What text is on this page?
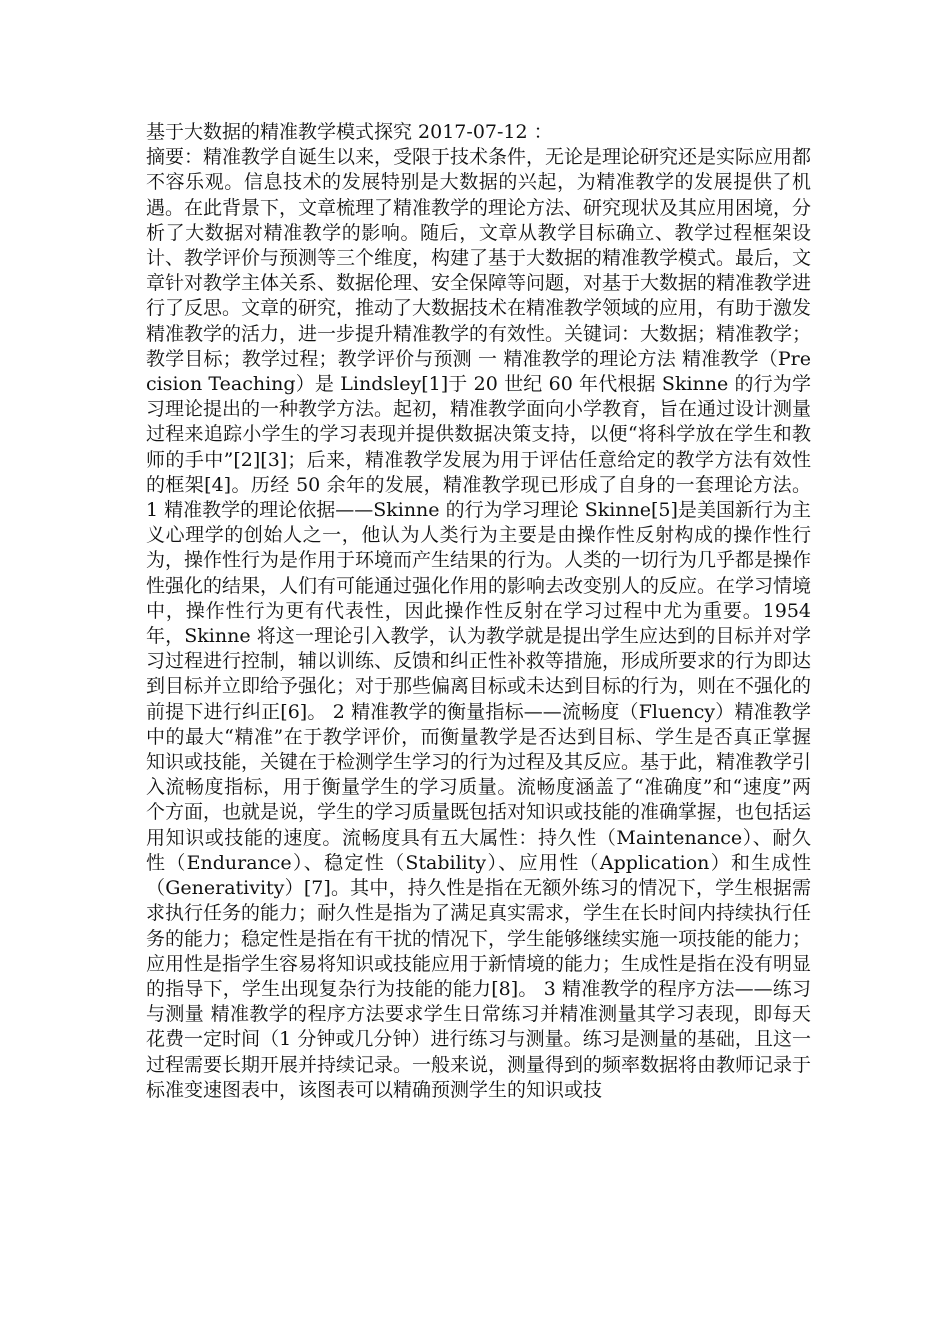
基于大数据的精准教学模式探究 2017-07-12 ：

摘要：精准教学自诞生以来，受限于技术条件，无论是理论研究还是实际应用都不容乐观。信息技术的发展特别是大数据的兴起，为精准教学的发展提供了机遇。在此背景下，文章梳理了精准教学的理论方法、研究现状及其应用困境，分析了大数据对精准教学的影响。随后，文章从教学目标确立、教学过程框架设计、教学评价与预测等三个维度，构建了基于大数据的精准教学模式。最后，文章针对教学主体关系、数据伦理、安全保障等问题，对基于大数据的精准教学进行了反思。文章的研究，推动了大数据技术在精准教学领域的应用，有助于激发精准教学的活力，进一步提升精准教学的有效性。关键词：大数据；精准教学；教学目标；教学过程；教学评价与预测 一 精准教学的理论方法 精准教学（Precision Teaching）是 Lindsley[1]于 20 世纪 60 年代根据 Skinne 的行为学习理论提出的一种教学方法。起初，精准教学面向小学教育，旨在通过设计测量过程来追踪小学生的学习表现并提供数据决策支持，以便“将科学放在学生和教师的手中”[2][3]；后来，精准教学发展为用于评估任意给定的教学方法有效性的框架[4]。历经 50 余年的发展，精准教学现已形成了自身的一套理论方法。 1 精准教学的理论依据——Skinne 的行为学习理论 Skinne[5]是美国新行为主义心理学的创始人之一，他认为人类行为主要是由操作性反射构成的操作性行为，操作性行为是作用于环境而产生结果的行为。人类的一切行为几乎都是操作性强化的结果，人们有可能通过强化作用的影响去改变别人的反应。在学习情境中，操作性行为更有代表性，因此操作性反射在学习过程中尤为重要。1954 年，Skinne 将这一理论引入教学，认为教学就是提出学生应达到的目标并对学习过程进行控制，辅以训练、反馈和纠正性补救等措施，形成所要求的行为即达到目标并立即给予强化；对于那些偏离目标或未达到目标的行为，则在不强化的前提下进行纠正[6]。 2 精准教学的衡量指标——流畅度（Fluency）精准教学中的最大“精准”在于教学评价，而衡量教学是否达到目标、学生是否真正掌握知识或技能，关键在于检测学生学习的行为过程及其反应。基于此，精准教学引入流畅度指标，用于衡量学生的学习质量。流畅度涵盖了“准确度”和“速度”两个方面，也就是说，学生的学习质量既包括对知识或技能的准确掌握，也包括运用知识或技能的速度。流畅度具有五大属性：持久性（Maintenance）、耐久性（Endurance）、稳定性（Stability）、应用性（Application）和生成性（Generativity）[7]。其中，持久性是指在无额外练习的情况下，学生根据需求执行任务的能力；耐久性是指为了满足真实需求，学生在长时间内持续执行任务的能力；稳定性是指在有干扰的情况下，学生能够继续实施一项技能的能力；应用性是指学生容易将知识或技能应用于新情境的能力；生成性是指在没有明显的指导下，学生出现复杂行为技能的能力[8]。 3 精准教学的程序方法——练习与测量 精准教学的程序方法要求学生日常练习并精准测量其学习表现，即每天花费一定时间（1 分钟或几分钟）进行练习与测量。练习是测量的基础，且这一过程需要长期开展并持续记录。一般来说，测量得到的频率数据将由教师记录于标准变速图表中，该图表可以精确预测学生的知识或技
